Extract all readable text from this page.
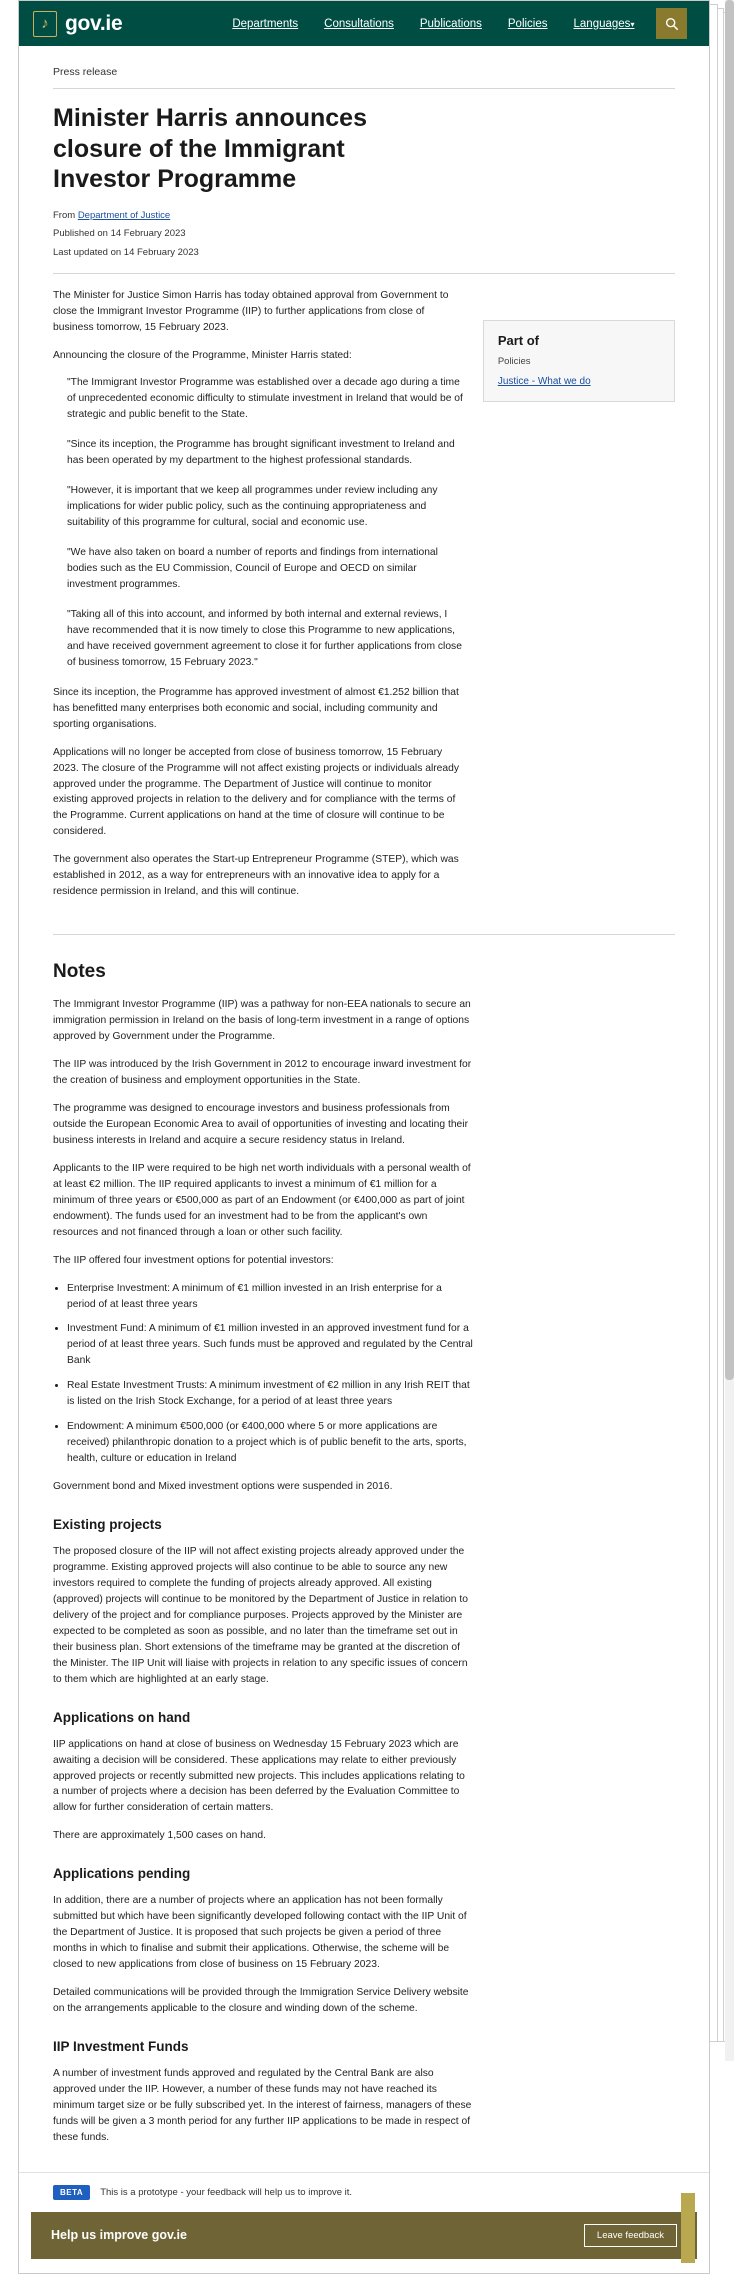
♪ gov.ie	Departments Consultations Publications Policies Languages▾
Press release
Minister Harris announces closure of the Immigrant Investor Programme
From Department of Justice
Published on 14 February 2023
Last updated on 14 February 2023

The Minister for Justice Simon Harris has today obtained approval from Government to close the Immigrant Investor Programme (IIP) to further applications from close of business tomorrow, 15 February 2023.

Announcing the closure of the Programme, Minister Harris stated:

"The Immigrant Investor Programme was established over a decade ago during a time of unprecedented economic difficulty to stimulate investment in Ireland that would be of strategic and public benefit to the State.
"Since its inception, the Programme has brought significant investment to Ireland and has been operated by my department to the highest professional standards.
"However, it is important that we keep all programmes under review including any implications for wider public policy, such as the continuing appropriateness and suitability of this programme for cultural, social and economic use.
"We have also taken on board a number of reports and findings from international bodies such as the EU Commission, Council of Europe and OECD on similar investment programmes.
"Taking all of this into account, and informed by both internal and external reviews, I have recommended that it is now timely to close this Programme to new applications, and have received government agreement to close it for further applications from close of business tomorrow, 15 February 2023."

Since its inception, the Programme has approved investment of almost €1.252 billion that has benefitted many enterprises both economic and social, including community and sporting organisations.

Applications will no longer be accepted from close of business tomorrow, 15 February 2023. The closure of the Programme will not affect existing projects or individuals already approved under the programme. The Department of Justice will continue to monitor existing approved projects in relation to the delivery and for compliance with the terms of the Programme. Current applications on hand at the time of closure will continue to be considered.

The government also operates the Start-up Entrepreneur Programme (STEP), which was established in 2012, as a way for entrepreneurs with an innovative idea to apply for a residence permission in Ireland, and this will continue.

Part of
Policies
Justice - What we do
Notes

The Immigrant Investor Programme (IIP) was a pathway for non-EEA nationals to secure an immigration permission in Ireland on the basis of long-term investment in a range of options approved by Government under the Programme.

The IIP was introduced by the Irish Government in 2012 to encourage inward investment for the creation of business and employment opportunities in the State.

The programme was designed to encourage investors and business professionals from outside the European Economic Area to avail of opportunities of investing and locating their business interests in Ireland and acquire a secure residency status in Ireland.

Applicants to the IIP were required to be high net worth individuals with a personal wealth of at least €2 million. The IIP required applicants to invest a minimum of €1 million for a minimum of three years or €500,000 as part of an Endowment (or €400,000 as part of joint endowment). The funds used for an investment had to be from the applicant's own resources and not financed through a loan or other such facility.

The IIP offered four investment options for potential investors:

• Enterprise Investment: A minimum of €1 million invested in an Irish enterprise for a period of at least three years
• Investment Fund: A minimum of €1 million invested in an approved investment fund for a period of at least three years. Such funds must be approved and regulated by the Central Bank
• Real Estate Investment Trusts: A minimum investment of €2 million in any Irish REIT that is listed on the Irish Stock Exchange, for a period of at least three years
• Endowment: A minimum €500,000 (or €400,000 where 5 or more applications are received) philanthropic donation to a project which is of public benefit to the arts, sports, health, culture or education in Ireland

Government bond and Mixed investment options were suspended in 2016.

Existing projects

The proposed closure of the IIP will not affect existing projects already approved under the programme. Existing approved projects will also continue to be able to source any new investors required to complete the funding of projects already approved. All existing (approved) projects will continue to be monitored by the Department of Justice in relation to delivery of the project and for compliance purposes. Projects approved by the Minister are expected to be completed as soon as possible, and no later than the timeframe set out in their business plan. Short extensions of the timeframe may be granted at the discretion of the Minister. The IIP Unit will liaise with projects in relation to any specific issues of concern to them which are highlighted at an early stage.

Applications on hand

IIP applications on hand at close of business on Wednesday 15 February 2023 which are awaiting a decision will be considered. These applications may relate to either previously approved projects or recently submitted new projects. This includes applications relating to a number of projects where a decision has been deferred by the Evaluation Committee to allow for further consideration of certain matters.

There are approximately 1,500 cases on hand.

Applications pending

In addition, there are a number of projects where an application has not been formally submitted but which have been significantly developed following contact with the IIP Unit of the Department of Justice. It is proposed that such projects be given a period of three months in which to finalise and submit their applications. Otherwise, the scheme will be closed to new applications from close of business on 15 February 2023.

Detailed communications will be provided through the Immigration Service Delivery website on the arrangements applicable to the closure and winding down of the scheme.

IIP Investment Funds

A number of investment funds approved and regulated by the Central Bank are also approved under the IIP. However, a number of these funds may not have reached its minimum target size or be fully subscribed yet. In the interest of fairness, managers of these funds will be given a 3 month period for any further IIP applications to be made in respect of these funds.

BETA	This is a prototype - your feedback will help us to improve it.
Help us improve gov.ie	Leave feedback
